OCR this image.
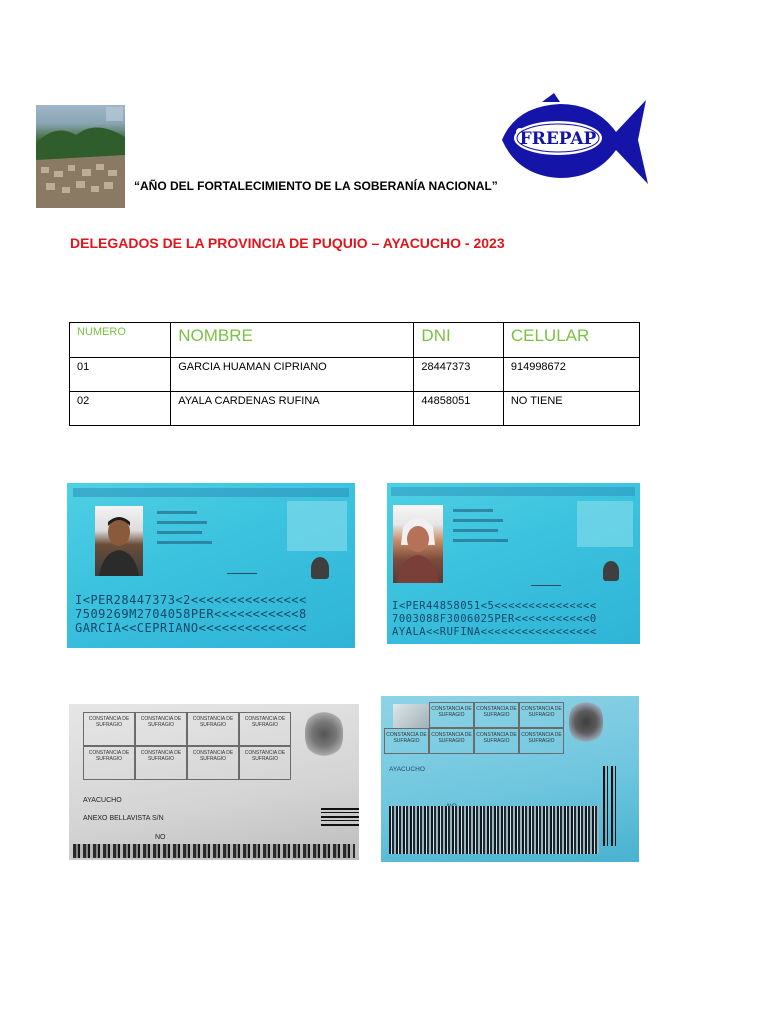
“AÑO DEL FORTALECIMIENTO DE LA SOBERANÍA NACIONAL”
FREPAP
DELEGADOS DE LA PROVINCIA DE PUQUIO – AYACUCHO - 2023
NUMERO	NOMBRE	DNI	CELULAR
01	GARCIA HUAMAN CIPRIANO	28447373	914998672
02	AYALA CARDENAS RUFINA	44858051	NO TIENE
I<PER28447373<2<<<<<<<<<<<<<<<
7509269M2704058PER<<<<<<<<<<<8
GARCIA<<CEPRIANO<<<<<<<<<<<<<<
I<PER44858051<5<<<<<<<<<<<<<<<
7003088F3006025PER<<<<<<<<<<<0
AYALA<<RUFINA<<<<<<<<<<<<<<<<<
CONSTANCIA DE SUFRAGIO
CONSTANCIA DE SUFRAGIO
CONSTANCIA DE SUFRAGIO
CONSTANCIA DE SUFRAGIO
CONSTANCIA DE SUFRAGIO
CONSTANCIA DE SUFRAGIO
CONSTANCIA DE SUFRAGIO
CONSTANCIA DE SUFRAGIO
AYACUCHO
ANEXO BELLAVISTA S/N
NO
CONSTANCIA DE SUFRAGIO
CONSTANCIA DE SUFRAGIO
CONSTANCIA DE SUFRAGIO
CONSTANCIA DE SUFRAGIO
CONSTANCIA DE SUFRAGIO
CONSTANCIA DE SUFRAGIO
CONSTANCIA DE SUFRAGIO
AYACUCHO
